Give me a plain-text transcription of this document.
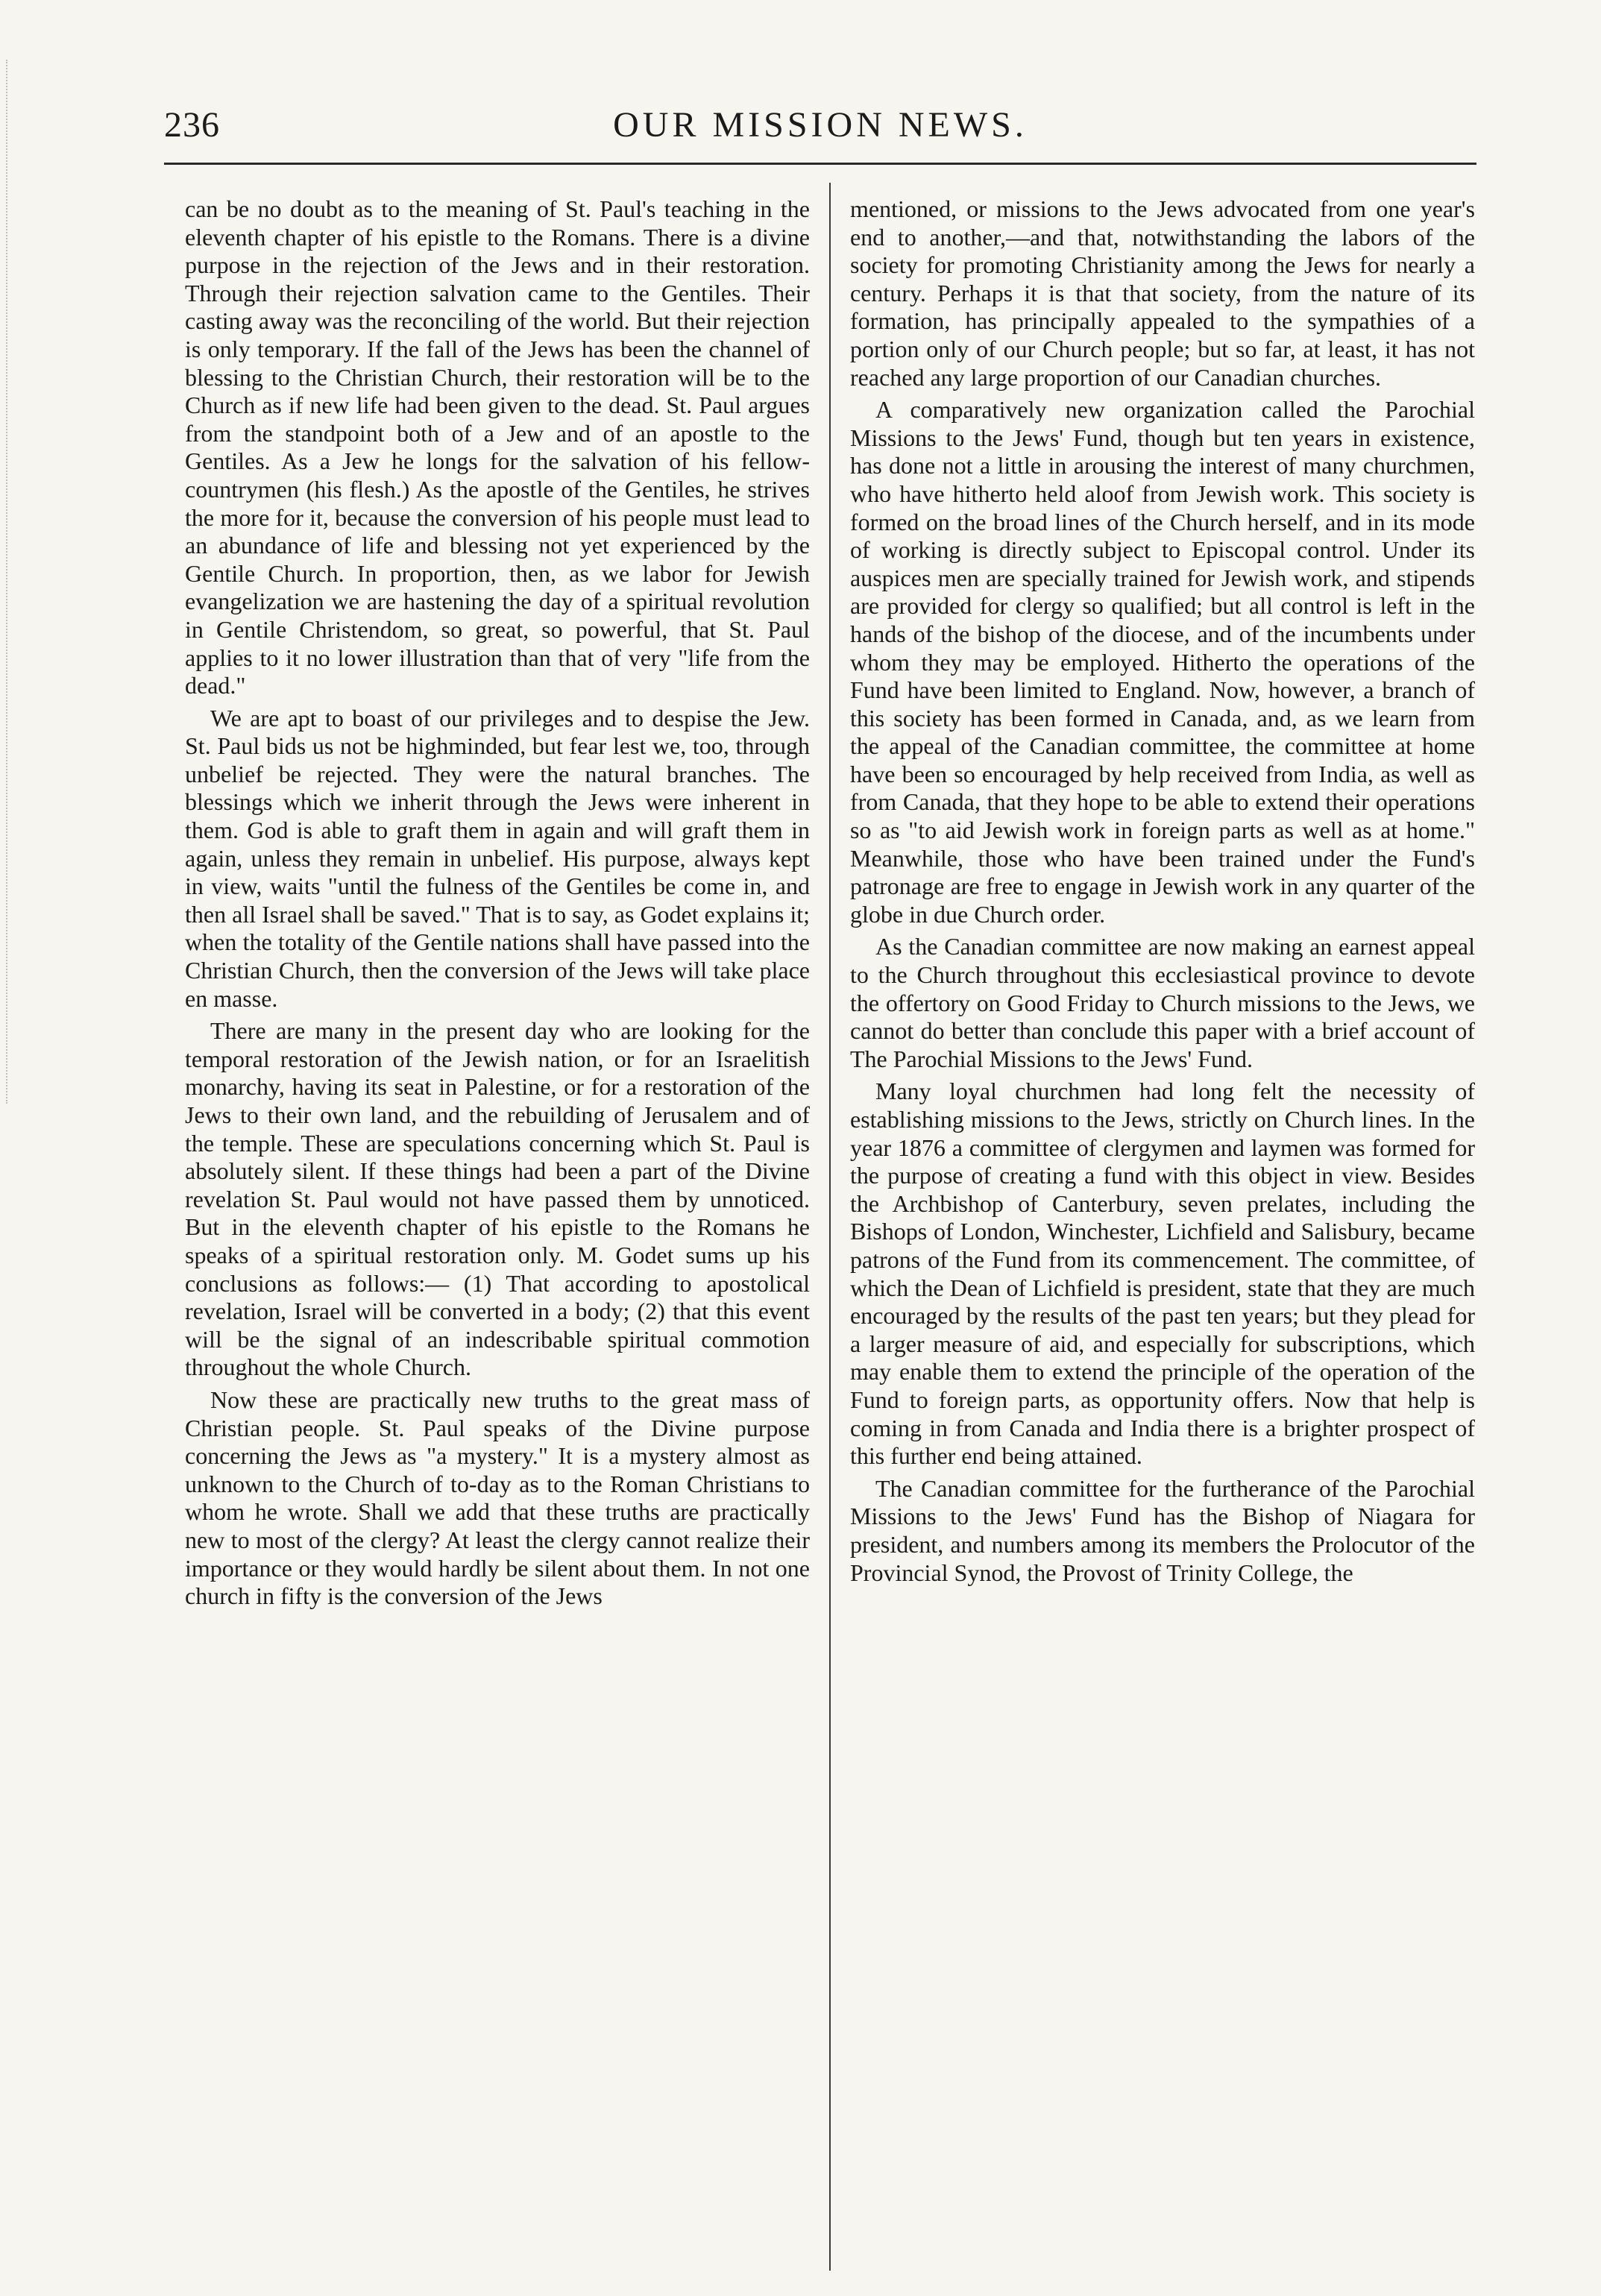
236	OUR MISSION NEWS.

can be no doubt as to the meaning of St. Paul's teaching in the eleventh chapter of his epistle to the Romans. There is a divine purpose in the rejection of the Jews and in their restoration. Through their rejection salvation came to the Gentiles. Their casting away was the reconciling of the world. But their rejection is only temporary. If the fall of the Jews has been the channel of blessing to the Christian Church, their restoration will be to the Church as if new life had been given to the dead. St. Paul argues from the standpoint both of a Jew and of an apostle to the Gentiles. As a Jew he longs for the salvation of his fellow-countrymen (his flesh.) As the apostle of the Gentiles, he strives the more for it, because the conversion of his people must lead to an abundance of life and blessing not yet experienced by the Gentile Church. In proportion, then, as we labor for Jewish evangelization we are hastening the day of a spiritual revolution in Gentile Christendom, so great, so powerful, that St. Paul applies to it no lower illustration than that of very "life from the dead."

We are apt to boast of our privileges and to despise the Jew. St. Paul bids us not be highminded, but fear lest we, too, through unbelief be rejected. They were the natural branches. The blessings which we inherit through the Jews were inherent in them. God is able to graft them in again and will graft them in again, unless they remain in unbelief. His purpose, always kept in view, waits "until the fulness of the Gentiles be come in, and then all Israel shall be saved." That is to say, as Godet explains it; when the totality of the Gentile nations shall have passed into the Christian Church, then the conversion of the Jews will take place en masse.

There are many in the present day who are looking for the temporal restoration of the Jewish nation, or for an Israelitish monarchy, having its seat in Palestine, or for a restoration of the Jews to their own land, and the rebuilding of Jerusalem and of the temple. These are speculations concerning which St. Paul is absolutely silent. If these things had been a part of the Divine revelation St. Paul would not have passed them by unnoticed. But in the eleventh chapter of his epistle to the Romans he speaks of a spiritual restoration only. M. Godet sums up his conclusions as follows:— (1) That according to apostolical revelation, Israel will be converted in a body; (2) that this event will be the signal of an indescribable spiritual commotion throughout the whole Church.

Now these are practically new truths to the great mass of Christian people. St. Paul speaks of the Divine purpose concerning the Jews as "a mystery." It is a mystery almost as unknown to the Church of to-day as to the Roman Christians to whom he wrote. Shall we add that these truths are practically new to most of the clergy? At least the clergy cannot realize their importance or they would hardly be silent about them. In not one church in fifty is the conversion of the Jews

mentioned, or missions to the Jews advocated from one year's end to another,—and that, notwithstanding the labors of the society for promoting Christianity among the Jews for nearly a century. Perhaps it is that that society, from the nature of its formation, has principally appealed to the sympathies of a portion only of our Church people; but so far, at least, it has not reached any large proportion of our Canadian churches.

A comparatively new organization called the Parochial Missions to the Jews' Fund, though but ten years in existence, has done not a little in arousing the interest of many churchmen, who have hitherto held aloof from Jewish work. This society is formed on the broad lines of the Church herself, and in its mode of working is directly subject to Episcopal control. Under its auspices men are specially trained for Jewish work, and stipends are provided for clergy so qualified; but all control is left in the hands of the bishop of the diocese, and of the incumbents under whom they may be employed. Hitherto the operations of the Fund have been limited to England. Now, however, a branch of this society has been formed in Canada, and, as we learn from the appeal of the Canadian committee, the committee at home have been so encouraged by help received from India, as well as from Canada, that they hope to be able to extend their operations so as "to aid Jewish work in foreign parts as well as at home." Meanwhile, those who have been trained under the Fund's patronage are free to engage in Jewish work in any quarter of the globe in due Church order.

As the Canadian committee are now making an earnest appeal to the Church throughout this ecclesiastical province to devote the offertory on Good Friday to Church missions to the Jews, we cannot do better than conclude this paper with a brief account of The Parochial Missions to the Jews' Fund.

Many loyal churchmen had long felt the necessity of establishing missions to the Jews, strictly on Church lines. In the year 1876 a committee of clergymen and laymen was formed for the purpose of creating a fund with this object in view. Besides the Archbishop of Canterbury, seven prelates, including the Bishops of London, Winchester, Lichfield and Salisbury, became patrons of the Fund from its commencement. The committee, of which the Dean of Lichfield is president, state that they are much encouraged by the results of the past ten years; but they plead for a larger measure of aid, and especially for subscriptions, which may enable them to extend the principle of the operation of the Fund to foreign parts, as opportunity offers. Now that help is coming in from Canada and India there is a brighter prospect of this further end being attained.

The Canadian committee for the furtherance of the Parochial Missions to the Jews' Fund has the Bishop of Niagara for president, and numbers among its members the Prolocutor of the Provincial Synod, the Provost of Trinity College, the
